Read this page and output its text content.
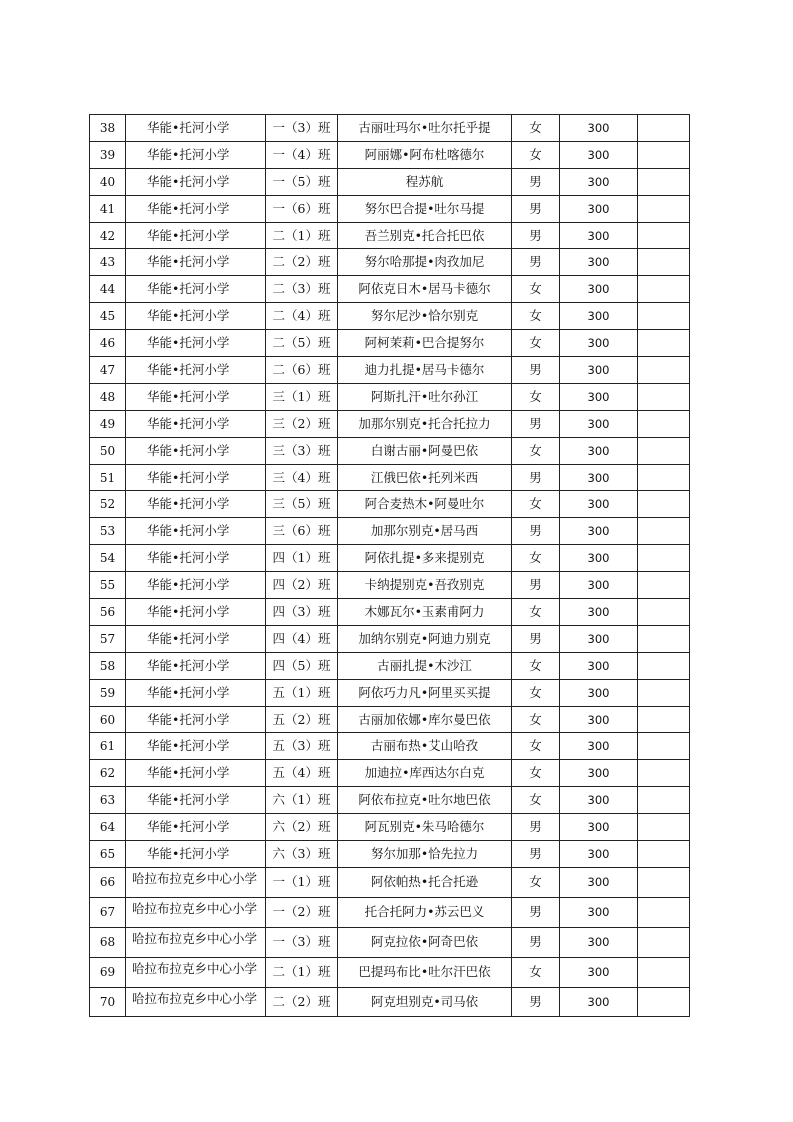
38	华能•托河小学	一（3）班	古丽吐玛尔•吐尔托乎提	女	300	
39	华能•托河小学	一（4）班	阿丽娜•阿布杜喀德尔	女	300	
40	华能•托河小学	一（5）班	程苏航	男	300	
41	华能•托河小学	一（6）班	努尔巴合提•吐尔马提	男	300	
42	华能•托河小学	二（1）班	吾兰别克•托合托巴依	男	300	
43	华能•托河小学	二（2）班	努尔哈那提•肉孜加尼	男	300	
44	华能•托河小学	二（3）班	阿依克日木•居马卡德尔	女	300	
45	华能•托河小学	二（4）班	努尔尼沙•恰尔别克	女	300	
46	华能•托河小学	二（5）班	阿柯茉莉•巴合提努尔	女	300	
47	华能•托河小学	二（6）班	迪力扎提•居马卡德尔	男	300	
48	华能•托河小学	三（1）班	阿斯扎汗•吐尔孙江	女	300	
49	华能•托河小学	三（2）班	加那尔别克•托合托拉力	男	300	
50	华能•托河小学	三（3）班	白谢古丽•阿曼巴依	女	300	
51	华能•托河小学	三（4）班	江俄巴依•托列米西	男	300	
52	华能•托河小学	三（5）班	阿合麦热木•阿曼吐尔	女	300	
53	华能•托河小学	三（6）班	加那尔别克•居马西	男	300	
54	华能•托河小学	四（1）班	阿依扎提•多来提别克	女	300	
55	华能•托河小学	四（2）班	卡纳提别克•吾孜别克	男	300	
56	华能•托河小学	四（3）班	木娜瓦尔•玉素甫阿力	女	300	
57	华能•托河小学	四（4）班	加纳尔别克•阿迪力别克	男	300	
58	华能•托河小学	四（5）班	古丽扎提•木沙江	女	300	
59	华能•托河小学	五（1）班	阿依巧力凡•阿里买买提	女	300	
60	华能•托河小学	五（2）班	古丽加依娜•库尔曼巴依	女	300	
61	华能•托河小学	五（3）班	古丽布热•艾山哈孜	女	300	
62	华能•托河小学	五（4）班	加迪拉•库西达尔白克	女	300	
63	华能•托河小学	六（1）班	阿依布拉克•吐尔地巴依	女	300	
64	华能•托河小学	六（2）班	阿瓦别克•朱马哈德尔	男	300	
65	华能•托河小学	六（3）班	努尔加那•恰先拉力	男	300	
66	哈拉布拉克乡中心小学	一（1）班	阿依帕热•托合托逊	女	300	
67	哈拉布拉克乡中心小学	一（2）班	托合托阿力•苏云巴义	男	300	
68	哈拉布拉克乡中心小学	一（3）班	阿克拉依•阿奇巴依	男	300	
69	哈拉布拉克乡中心小学	二（1）班	巴提玛布比•吐尔汗巴依	女	300	
70	哈拉布拉克乡中心小学	二（2）班	阿克坦别克•司马依	男	300	
